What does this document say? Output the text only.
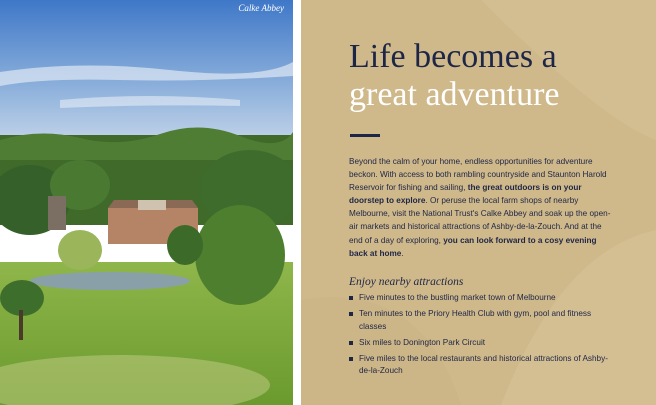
Calke Abbey
Life becomes a
great adventure
Beyond the calm of your home, endless opportunities for adventure beckon. With access to both rambling countryside and Staunton Harold Reservoir for fishing and sailing, the great outdoors is on your doorstep to explore. Or peruse the local farm shops of nearby Melbourne, visit the National Trust's Calke Abbey and soak up the open-air markets and historical attractions of Ashby-de-la-Zouch. And at the end of a day of exploring, you can look forward to a cosy evening back at home.
Enjoy nearby attractions
Five minutes to the bustling market town of Melbourne
Ten minutes to the Priory Health Club with gym, pool and fitness classes
Six miles to Donington Park Circuit
Five miles to the local restaurants and historical attractions of Ashby-de-la-Zouch
